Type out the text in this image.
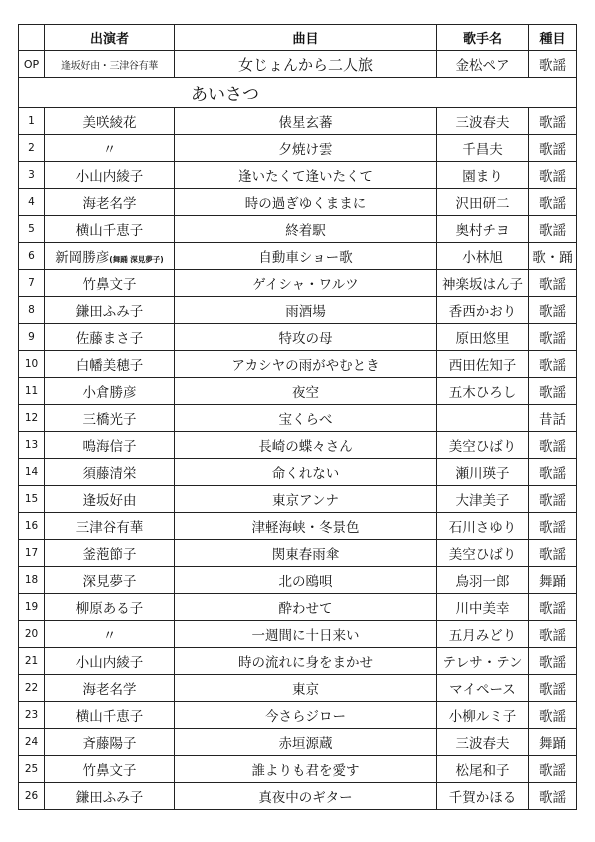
	出演者	曲目	歌手名	種目
OP	逢坂好由・三津谷有華	女じょんから二人旅	金松ペア	歌謡
あいさつ				
1	美咲綾花	俵星玄蕃	三波春夫	歌謡
2	〃	夕焼け雲	千昌夫	歌謡
3	小山内綾子	逢いたくて逢いたくて	園まり	歌謡
4	海老名学	時の過ぎゆくままに	沢田研二	歌謡
5	横山千恵子	終着駅	奥村チヨ	歌謡
6	新岡勝彦(舞踊 深見夢子)	自動車ショー歌	小林旭	歌・踊
7	竹鼻文子	ゲイシャ・ワルツ	神楽坂はん子	歌謡
8	鎌田ふみ子	雨酒場	香西かおり	歌謡
9	佐藤まさ子	特攻の母	原田悠里	歌謡
10	白幡美穂子	アカシヤの雨がやむとき	西田佐知子	歌謡
11	小倉勝彦	夜空	五木ひろし	歌謡
12	三橋光子	宝くらべ		昔話
13	鳴海信子	長崎の蝶々さん	美空ひばり	歌謡
14	須藤清栄	命くれない	瀬川瑛子	歌謡
15	逢坂好由	東京アンナ	大津美子	歌謡
16	三津谷有華	津軽海峡・冬景色	石川さゆり	歌謡
17	釜萢節子	関東春雨傘	美空ひばり	歌謡
18	深見夢子	北の鴎唄	鳥羽一郎	舞踊
19	柳原ある子	酔わせて	川中美幸	歌謡
20	〃	一週間に十日来い	五月みどり	歌謡
21	小山内綾子	時の流れに身をまかせ	テレサ・テン	歌謡
22	海老名学	東京	マイペース	歌謡
23	横山千恵子	今さらジロー	小柳ルミ子	歌謡
24	斉藤陽子	赤垣源蔵	三波春夫	舞踊
25	竹鼻文子	誰よりも君を愛す	松尾和子	歌謡
26	鎌田ふみ子	真夜中のギター	千賀かほる	歌謡
